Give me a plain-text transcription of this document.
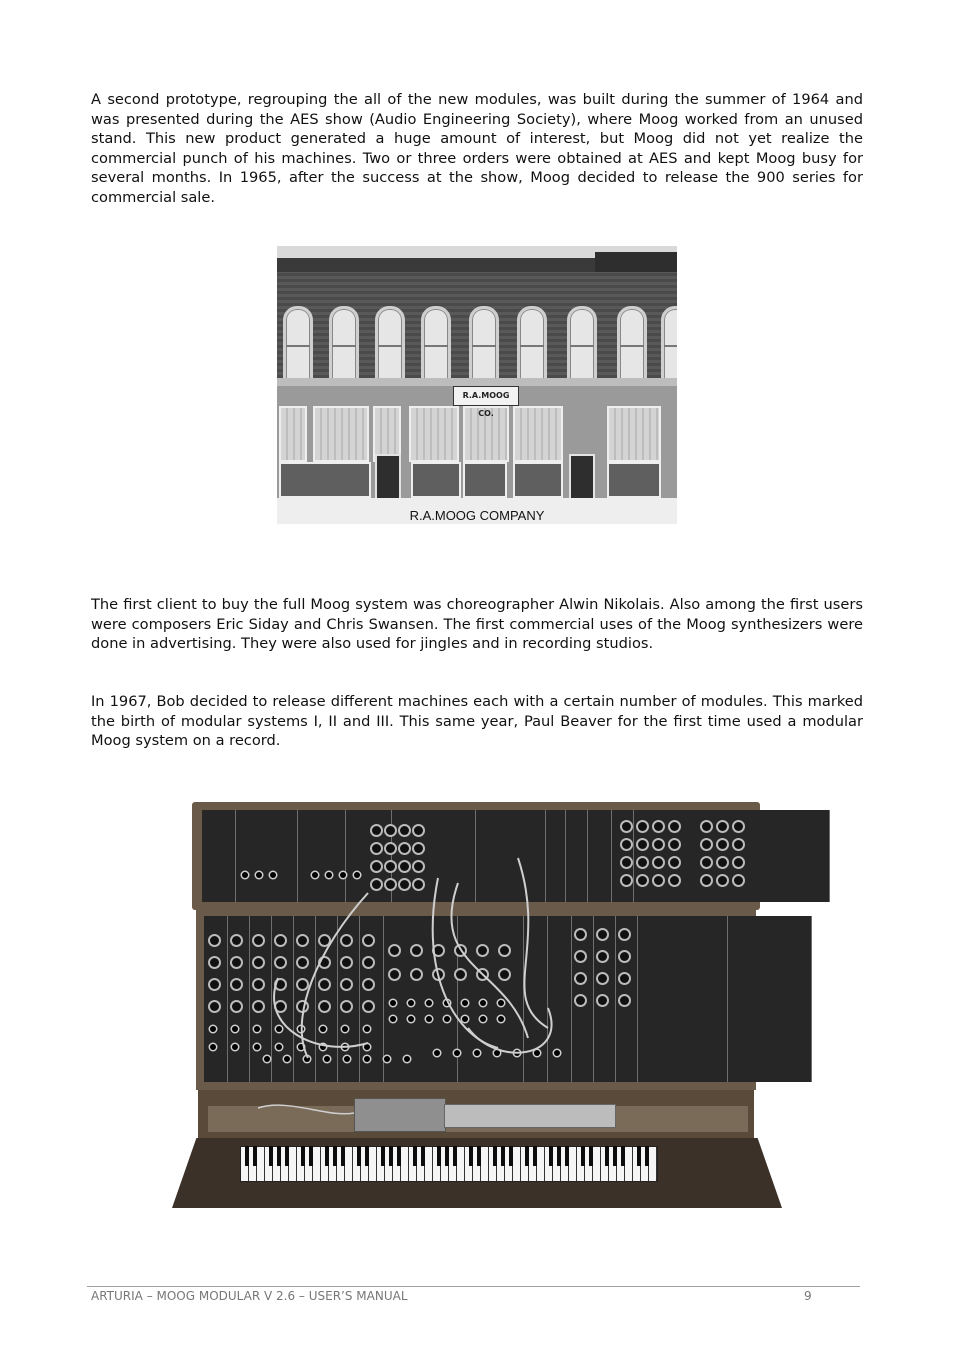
A second prototype, regrouping the all of the new modules, was built during the summer of 1964 and was presented during the AES show (Audio Engineering Society), where Moog worked from an unused stand. This new product generated a huge amount of interest, but Moog did not yet realize the commercial punch of his machines. Two or three orders were obtained at AES and kept Moog busy for several months. In 1965, after the success at the show, Moog decided to release the 900 series for commercial sale.

R.A.MOOG CO.
R.A.MOOG COMPANY

The first client to buy the full Moog system was choreographer Alwin Nikolais. Also among the first users were composers Eric Siday and Chris Swansen. The first commercial uses of the Moog synthesizers were done in advertising. They were also used for jingles and in recording studios.

In 1967, Bob decided to release different machines each with a certain number of modules. This marked the birth of modular systems I, II and III. This same year, Paul Beaver for the first time used a modular Moog system on a record.

ARTURIA – MOOG MODULAR V 2.6 – USER’S MANUAL	9
